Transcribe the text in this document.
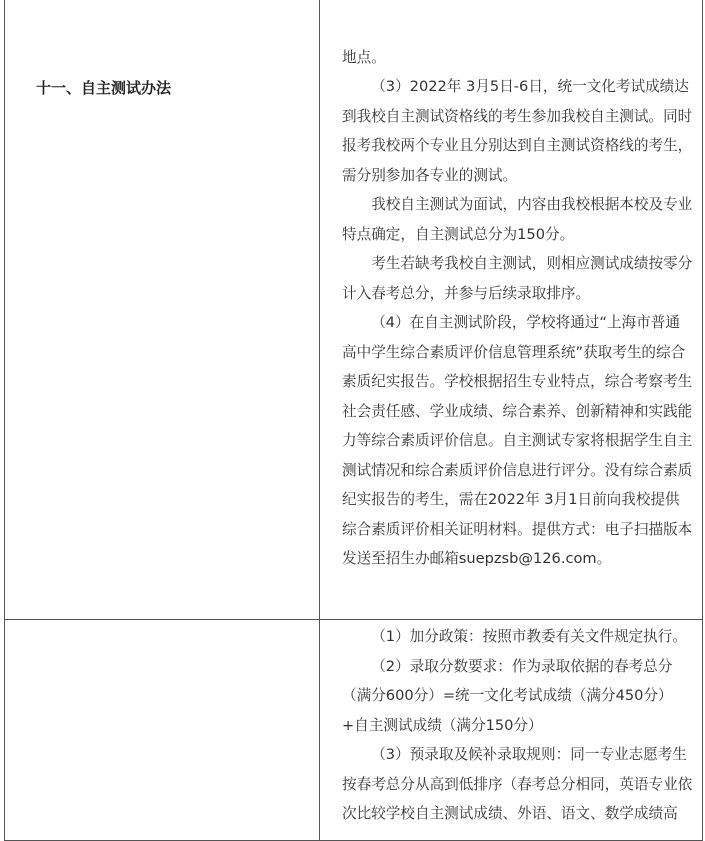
十一、自主测试办法	地点。

（3）2022年 3月5日-6日，统一文化考试成绩达到我校自主测试资格线的考生参加我校自主测试。同时报考我校两个专业且分别达到自主测试资格线的考生，需分别参加各专业的测试。

我校自主测试为面试，内容由我校根据本校及专业特点确定，自主测试总分为150分。

考生若缺考我校自主测试，则相应测试成绩按零分计入春考总分，并参与后续录取排序。

（4）在自主测试阶段，学校将通过“上海市普通高中学生综合素质评价信息管理系统”获取考生的综合素质纪实报告。学校根据招生专业特点，综合考察考生社会责任感、学业成绩、综合素养、创新精神和实践能力等综合素质评价信息。自主测试专家将根据学生自主测试情况和综合素质评价信息进行评分。没有综合素质纪实报告的考生，需在2022年 3月1日前向我校提供综合素质评价相关证明材料。提供方式：电子扫描版本发送至招生办邮箱suepzsb@126.com。

	（1）加分政策：按照市教委有关文件规定执行。

（2）录取分数要求：作为录取依据的春考总分（满分600分）=统一文化考试成绩（满分450分）+自主测试成绩（满分150分）

（3）预录取及候补录取规则：同一专业志愿考生按春考总分从高到低排序（春考总分相同，英语专业依次比较学校自主测试成绩、外语、语文、数学成绩高
